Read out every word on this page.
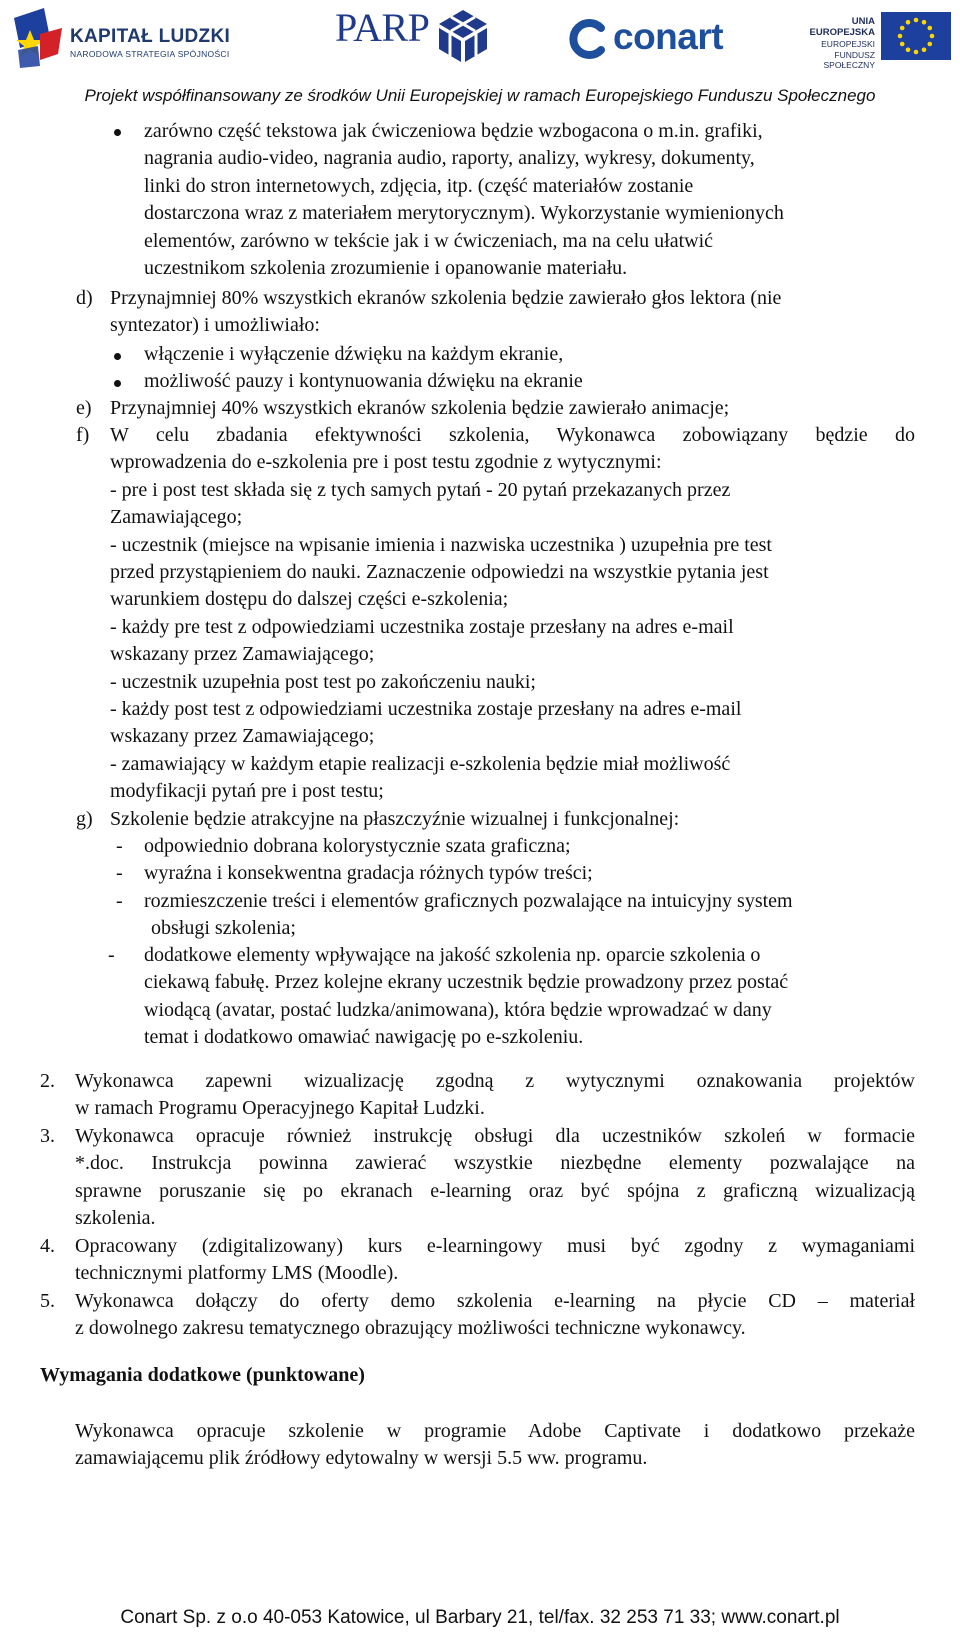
KAPITAŁ LUDZKI
NARODOWA STRATEGIA SPÓJNOŚCI
PARP	conart	UNIA EUROPEJSKA
EUROPEJSKI
FUNDUSZ SPOŁECZNY
Projekt współfinansowany ze środków Unii Europejskiej w ramach Europejskiego Funduszu Społecznego
zarówno część tekstowa jak ćwiczeniowa będzie wzbogacona o m.in. grafiki,
nagrania audio-video, nagrania audio, raporty, analizy, wykresy, dokumenty,
linki do stron internetowych, zdjęcia, itp. (część materiałów zostanie
dostarczona wraz z materiałem merytorycznym). Wykorzystanie wymienionych
elementów, zarówno w tekście jak i w ćwiczeniach, ma na celu ułatwić
uczestnikom szkolenia zrozumienie i opanowanie materiału.
d) Przynajmniej 80% wszystkich ekranów szkolenia będzie zawierało głos lektora (nie
syntezator) i umożliwiało:
włączenie i wyłączenie dźwięku na każdym ekranie,
możliwość pauzy i kontynuowania dźwięku na ekranie
e) Przynajmniej 40% wszystkich ekranów szkolenia będzie zawierało animacje;
f) W celu zbadania efektywności szkolenia, Wykonawca zobowiązany będzie do
wprowadzenia do e-szkolenia pre i post testu zgodnie z wytycznymi:
- pre i post test składa się z tych samych pytań - 20 pytań przekazanych przez
Zamawiającego;
- uczestnik (miejsce na wpisanie imienia i nazwiska uczestnika ) uzupełnia pre test
przed przystąpieniem do nauki. Zaznaczenie odpowiedzi na wszystkie pytania jest
warunkiem dostępu do dalszej części e-szkolenia;
- każdy pre test z odpowiedziami uczestnika zostaje przesłany na adres e-mail
wskazany przez Zamawiającego;
- uczestnik uzupełnia post test po zakończeniu nauki;
- każdy post test z odpowiedziami uczestnika zostaje przesłany na adres e-mail
wskazany przez Zamawiającego;
- zamawiający w każdym etapie realizacji e-szkolenia będzie miał możliwość
modyfikacji pytań pre i post testu;
g) Szkolenie będzie atrakcyjne na płaszczyźnie wizualnej i funkcjonalnej:
- odpowiednio dobrana kolorystycznie szata graficzna;
- wyraźna i konsekwentna gradacja różnych typów treści;
- rozmieszczenie treści i elementów graficznych pozwalające na intuicyjny system
obsługi szkolenia;
- dodatkowe elementy wpływające na jakość szkolenia np. oparcie szkolenia o
ciekawą fabułę. Przez kolejne ekrany uczestnik będzie prowadzony przez postać
wiodącą (avatar, postać ludzka/animowana), która będzie wprowadzać w dany
temat i dodatkowo omawiać nawigację po e-szkoleniu.
2. Wykonawca zapewni wizualizację zgodną z wytycznymi oznakowania projektów
w ramach Programu Operacyjnego Kapitał Ludzki.
3. Wykonawca opracuje również instrukcję obsługi dla uczestników szkoleń w formacie
*.doc. Instrukcja powinna zawierać wszystkie niezbędne elementy pozwalające na
sprawne poruszanie się po ekranach e-learning oraz być spójna z graficzną wizualizacją
szkolenia.
4. Opracowany (zdigitalizowany) kurs e-learningowy musi być zgodny z wymaganiami
technicznymi platformy LMS (Moodle).
5. Wykonawca dołączy do oferty demo szkolenia e-learning na płycie CD – materiał
z dowolnego zakresu tematycznego obrazujący możliwości techniczne wykonawcy.
Wymagania dodatkowe (punktowane)
Wykonawca opracuje szkolenie w programie Adobe Captivate i dodatkowo przekaże
zamawiającemu plik źródłowy edytowalny w wersji 5.5 ww. programu.
Conart Sp. z o.o 40-053 Katowice, ul Barbary 21, tel/fax. 32 253 71 33; www.conart.pl
